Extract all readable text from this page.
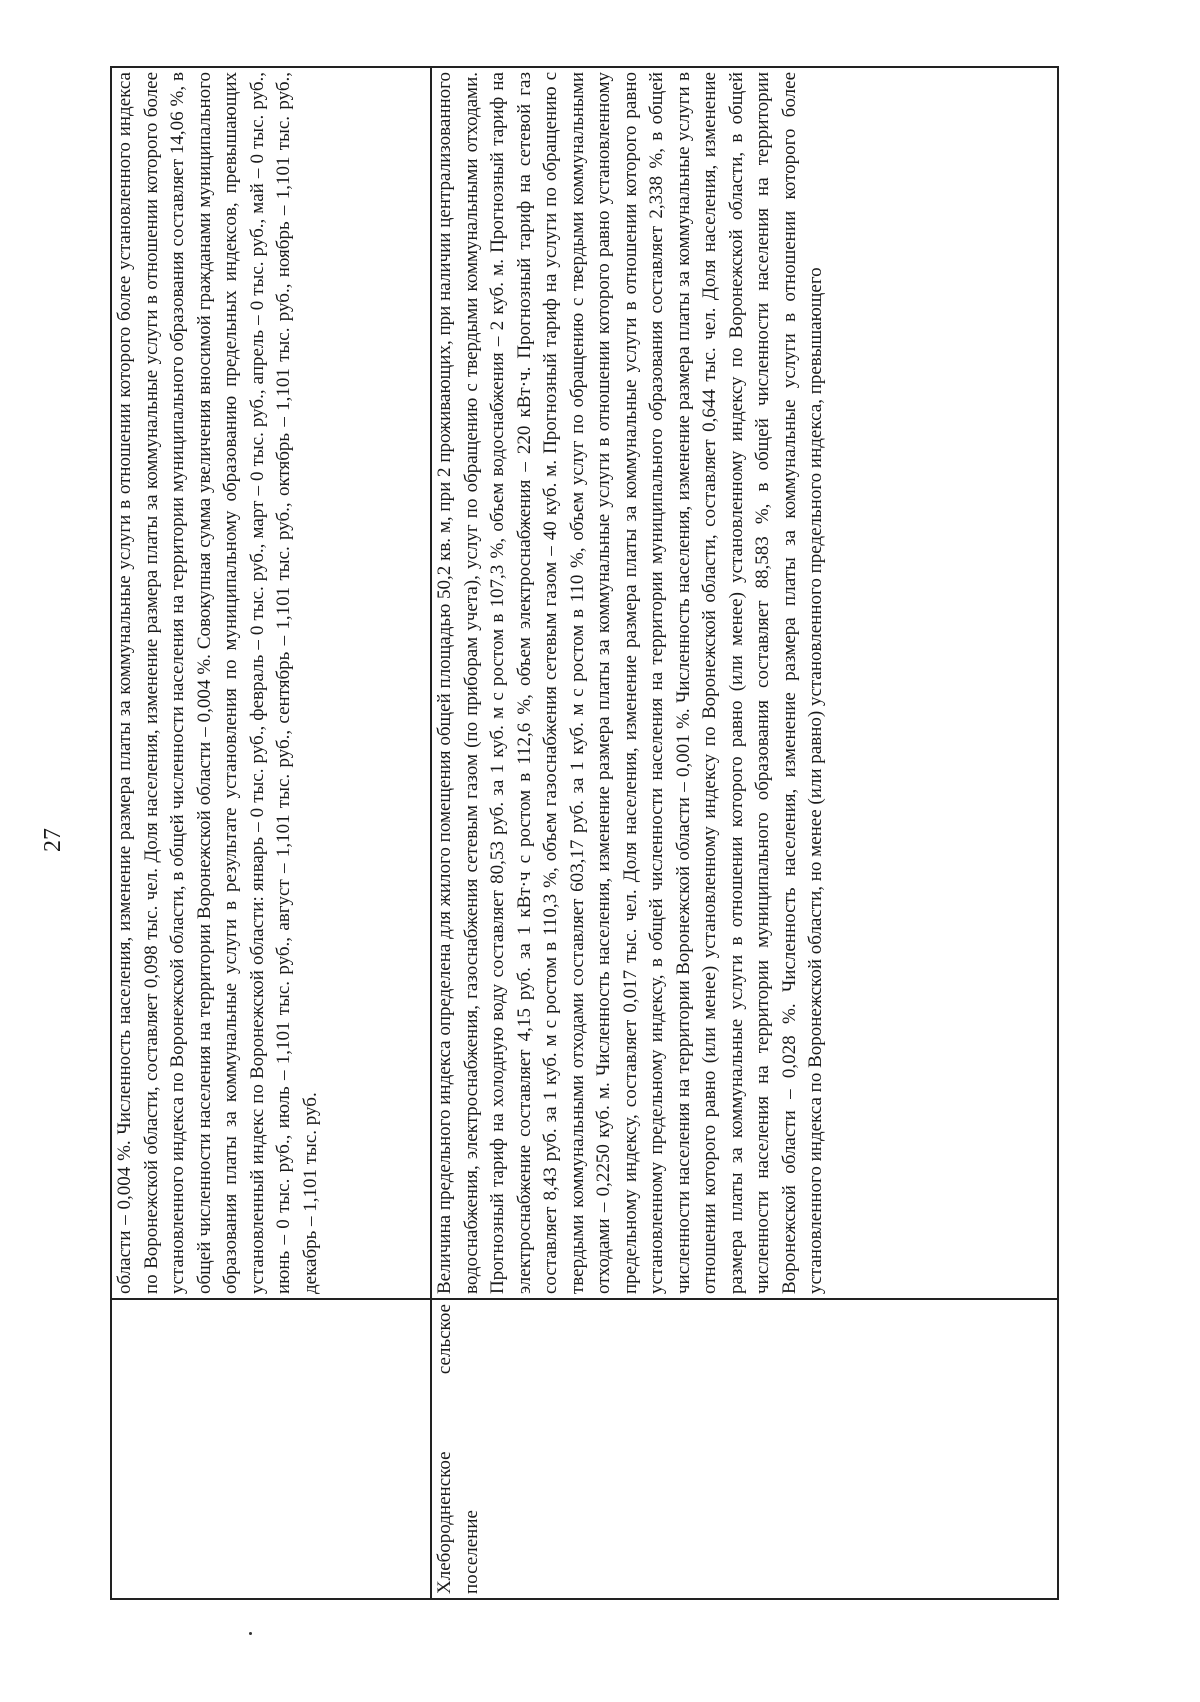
27
		области – 0,004 %. Численность населения, изменение размера платы за коммунальные услуги в отношении которого более установленного индекса по Воронежской области, составляет 0,098 тыс. чел. Доля населения, изменение размера платы за коммунальные услуги в отношении которого более установленного индекса по Воронежской области, в общей численности населения на территории муниципального образования составляет 14,06 %, в общей численности населения на территории Воронежской области – 0,004 %. Совокупная сумма увеличения вносимой гражданами муниципального образования платы за коммунальные услуги в результате установления по муниципальному образованию предельных индексов, превышающих установленный индекс по Воронежской области: январь – 0 тыс. руб., февраль – 0 тыс. руб., март – 0 тыс. руб., апрель – 0 тыс. руб., май – 0 тыс. руб., июнь – 0 тыс. руб., июль – 1,101 тыс. руб., август – 1,101 тыс. руб., сентябрь – 1,101 тыс. руб., октябрь – 1,101 тыс. руб., ноябрь – 1,101 тыс. руб., декабрь – 1,101 тыс. руб.
Хлебородненское сельское поселение	Величина предельного индекса определена для жилого помещения общей площадью 50,2 кв. м, при 2 проживающих, при наличии централизованного водоснабжения, электроснабжения, газоснабжения сетевым газом (по приборам учета), услуг по обращению с твердыми коммунальными отходами. Прогнозный тариф на холодную воду составляет 80,53 руб. за 1 куб. м с ростом в 107,3 %, объем водоснабжения – 2 куб. м. Прогнозный тариф на электроснабжение составляет 4,15 руб. за 1 кВт·ч с ростом в 112,6 %, объем электроснабжения – 220 кВт·ч. Прогнозный тариф на сетевой газ составляет 8,43 руб. за 1 куб. м с ростом в 110,3 %, объем газоснабжения сетевым газом – 40 куб. м. Прогнозный тариф на услуги по обращению с твердыми коммунальными отходами составляет 603,17 руб. за 1 куб. м с ростом в 110 %, объем услуг по обращению с твердыми коммунальными отходами – 0,2250 куб. м. Численность населения, изменение размера платы за коммунальные услуги в отношении которого равно установленному предельному индексу, составляет 0,017 тыс. чел. Доля населения, изменение размера платы за коммунальные услуги в отношении которого равно установленному предельному индексу, в общей численности населения на территории муниципального образования составляет 2,338 %, в общей численности населения на территории Воронежской области – 0,001 %. Численность населения, изменение размера платы за коммунальные услуги в отношении которого равно (или менее) установленному индексу по Воронежской области, составляет 0,644 тыс. чел. Доля населения, изменение размера платы за коммунальные услуги в отношении которого равно (или менее) установленному индексу по Воронежской области, в общей численности населения на территории муниципального образования составляет 88,583 %, в общей численности населения на территории Воронежской области – 0,028 %. Численность населения, изменение размера платы за коммунальные услуги в отношении которого более установленного индекса по Воронежской области, но менее (или равно) установленного предельного индекса, превышающего
